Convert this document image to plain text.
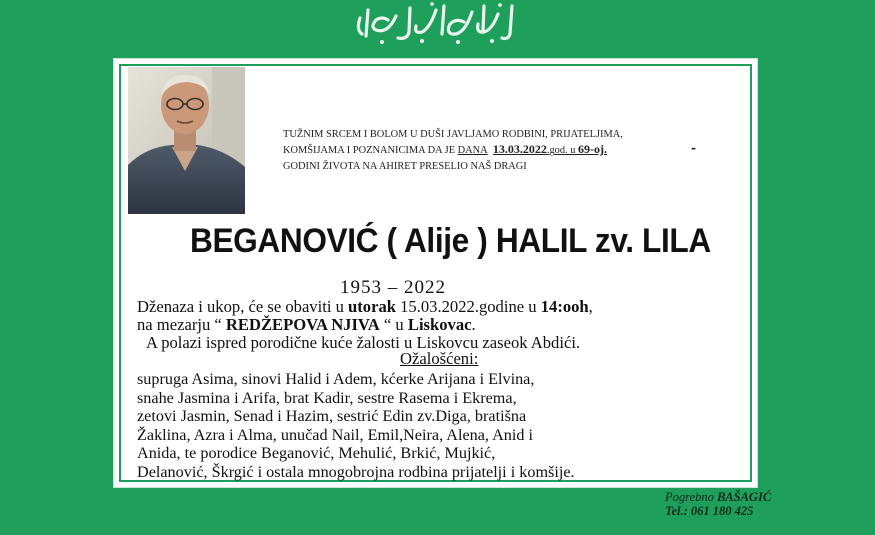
ارتحال دار البقاء
TUŽNIM SRCEM I BOLOM U DUŠI JAVLJAMO RODBINI, PRIJATELJIMA,
KOMŠIJAMA I POZNANICIMA DA JE DANA 13.03.2022.god. u 69-oj.
GODINI ŽIVOTA NA AHIRET PRESELIO NAŠ DRAGI
-
BEGANOVIĆ ( Alije ) HALIL zv. LILA
1953 – 2022
Dženaza i ukop, će se obaviti u utorak 15.03.2022.godine u 14:ooh,
na mezarju “ REDŽEPOVA NJIVA “ u Liskovac.
A polazi ispred porodične kuće žalosti u Liskovcu zaseok Abdići.
Ožalošćeni:
supruga Asima, sinovi Halid i Adem, kćerke Arijana i Elvina,
snahe Jasmina i Arifa, brat Kadir, sestre Rasema i Ekrema,
zetovi Jasmin, Senad i Hazim, sestrić Edin zv.Diga, bratišna
Žaklina, Azra i Alma, unučad Nail, Emil,Neira, Alena, Anid i
Anida, te porodice Beganović, Mehulić, Brkić, Mujkić,
Delanović, Škrgić i ostala mnogobrojna rodbina prijatelji i komšije.
Pogrebno BAŠAGIĆ
Tel.: 061 180 425
